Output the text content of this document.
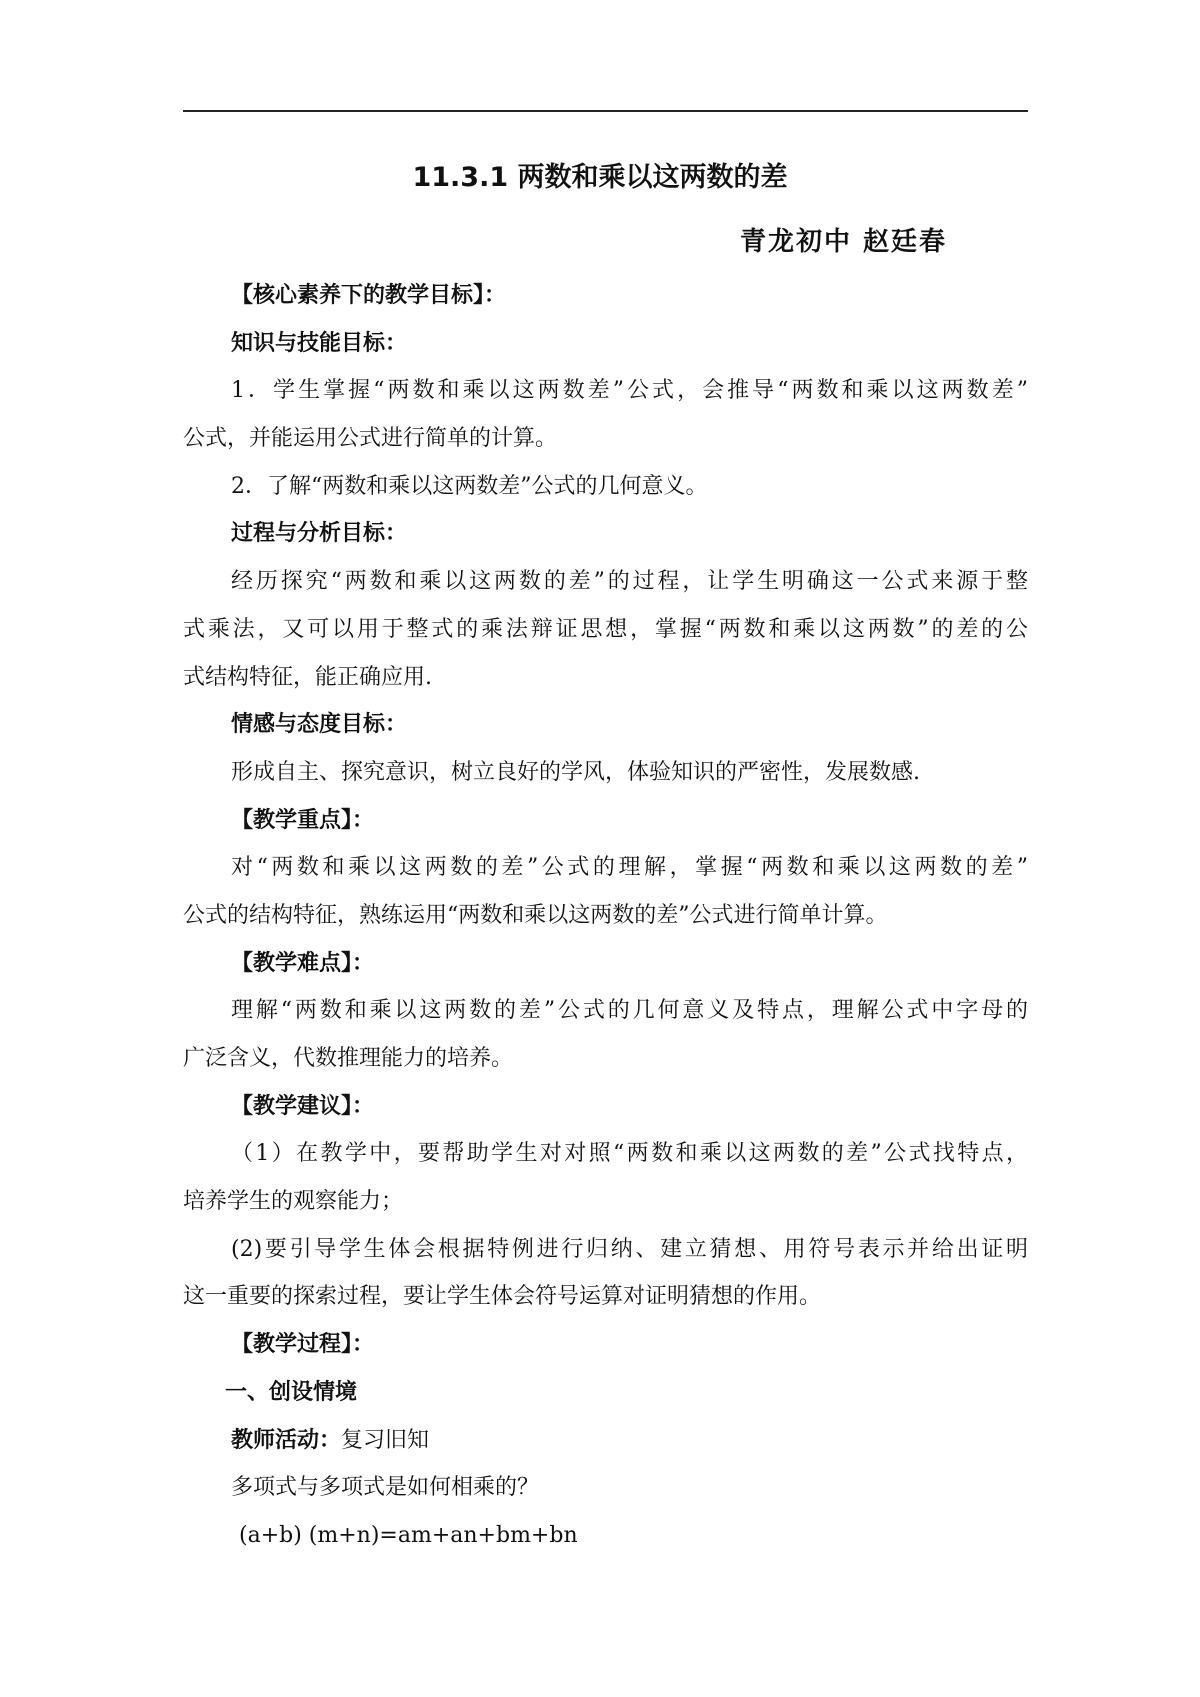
11.3.1 两数和乘以这两数的差
青龙初中 赵廷春
【核心素养下的教学目标】：
知识与技能目标：
1．学生掌握“两数和乘以这两数差”公式，会推导“两数和乘以这两数差”
公式，并能运用公式进行简单的计算。
2．了解“两数和乘以这两数差”公式的几何意义。
过程与分析目标：
经历探究“两数和乘以这两数的差”的过程，让学生明确这一公式来源于整
式乘法，又可以用于整式的乘法辩证思想，掌握“两数和乘以这两数”的差的公
式结构特征，能正确应用.
情感与态度目标：
形成自主、探究意识，树立良好的学风，体验知识的严密性，发展数感.
【教学重点】：
对“两数和乘以这两数的差”公式的理解，掌握“两数和乘以这两数的差”
公式的结构特征，熟练运用“两数和乘以这两数的差”公式进行简单计算。
【教学难点】：
理解“两数和乘以这两数的差”公式的几何意义及特点，理解公式中字母的
广泛含义，代数推理能力的培养。
【教学建议】：
（1）在教学中，要帮助学生对对照“两数和乘以这两数的差”公式找特点，
培养学生的观察能力；
(2)要引导学生体会根据特例进行归纳、建立猜想、用符号表示并给出证明
这一重要的探索过程，要让学生体会符号运算对证明猜想的作用。
【教学过程】：
一、创设情境
教师活动：复习旧知
多项式与多项式是如何相乘的？
(a+b) (m+n)=am+an+bm+bn
